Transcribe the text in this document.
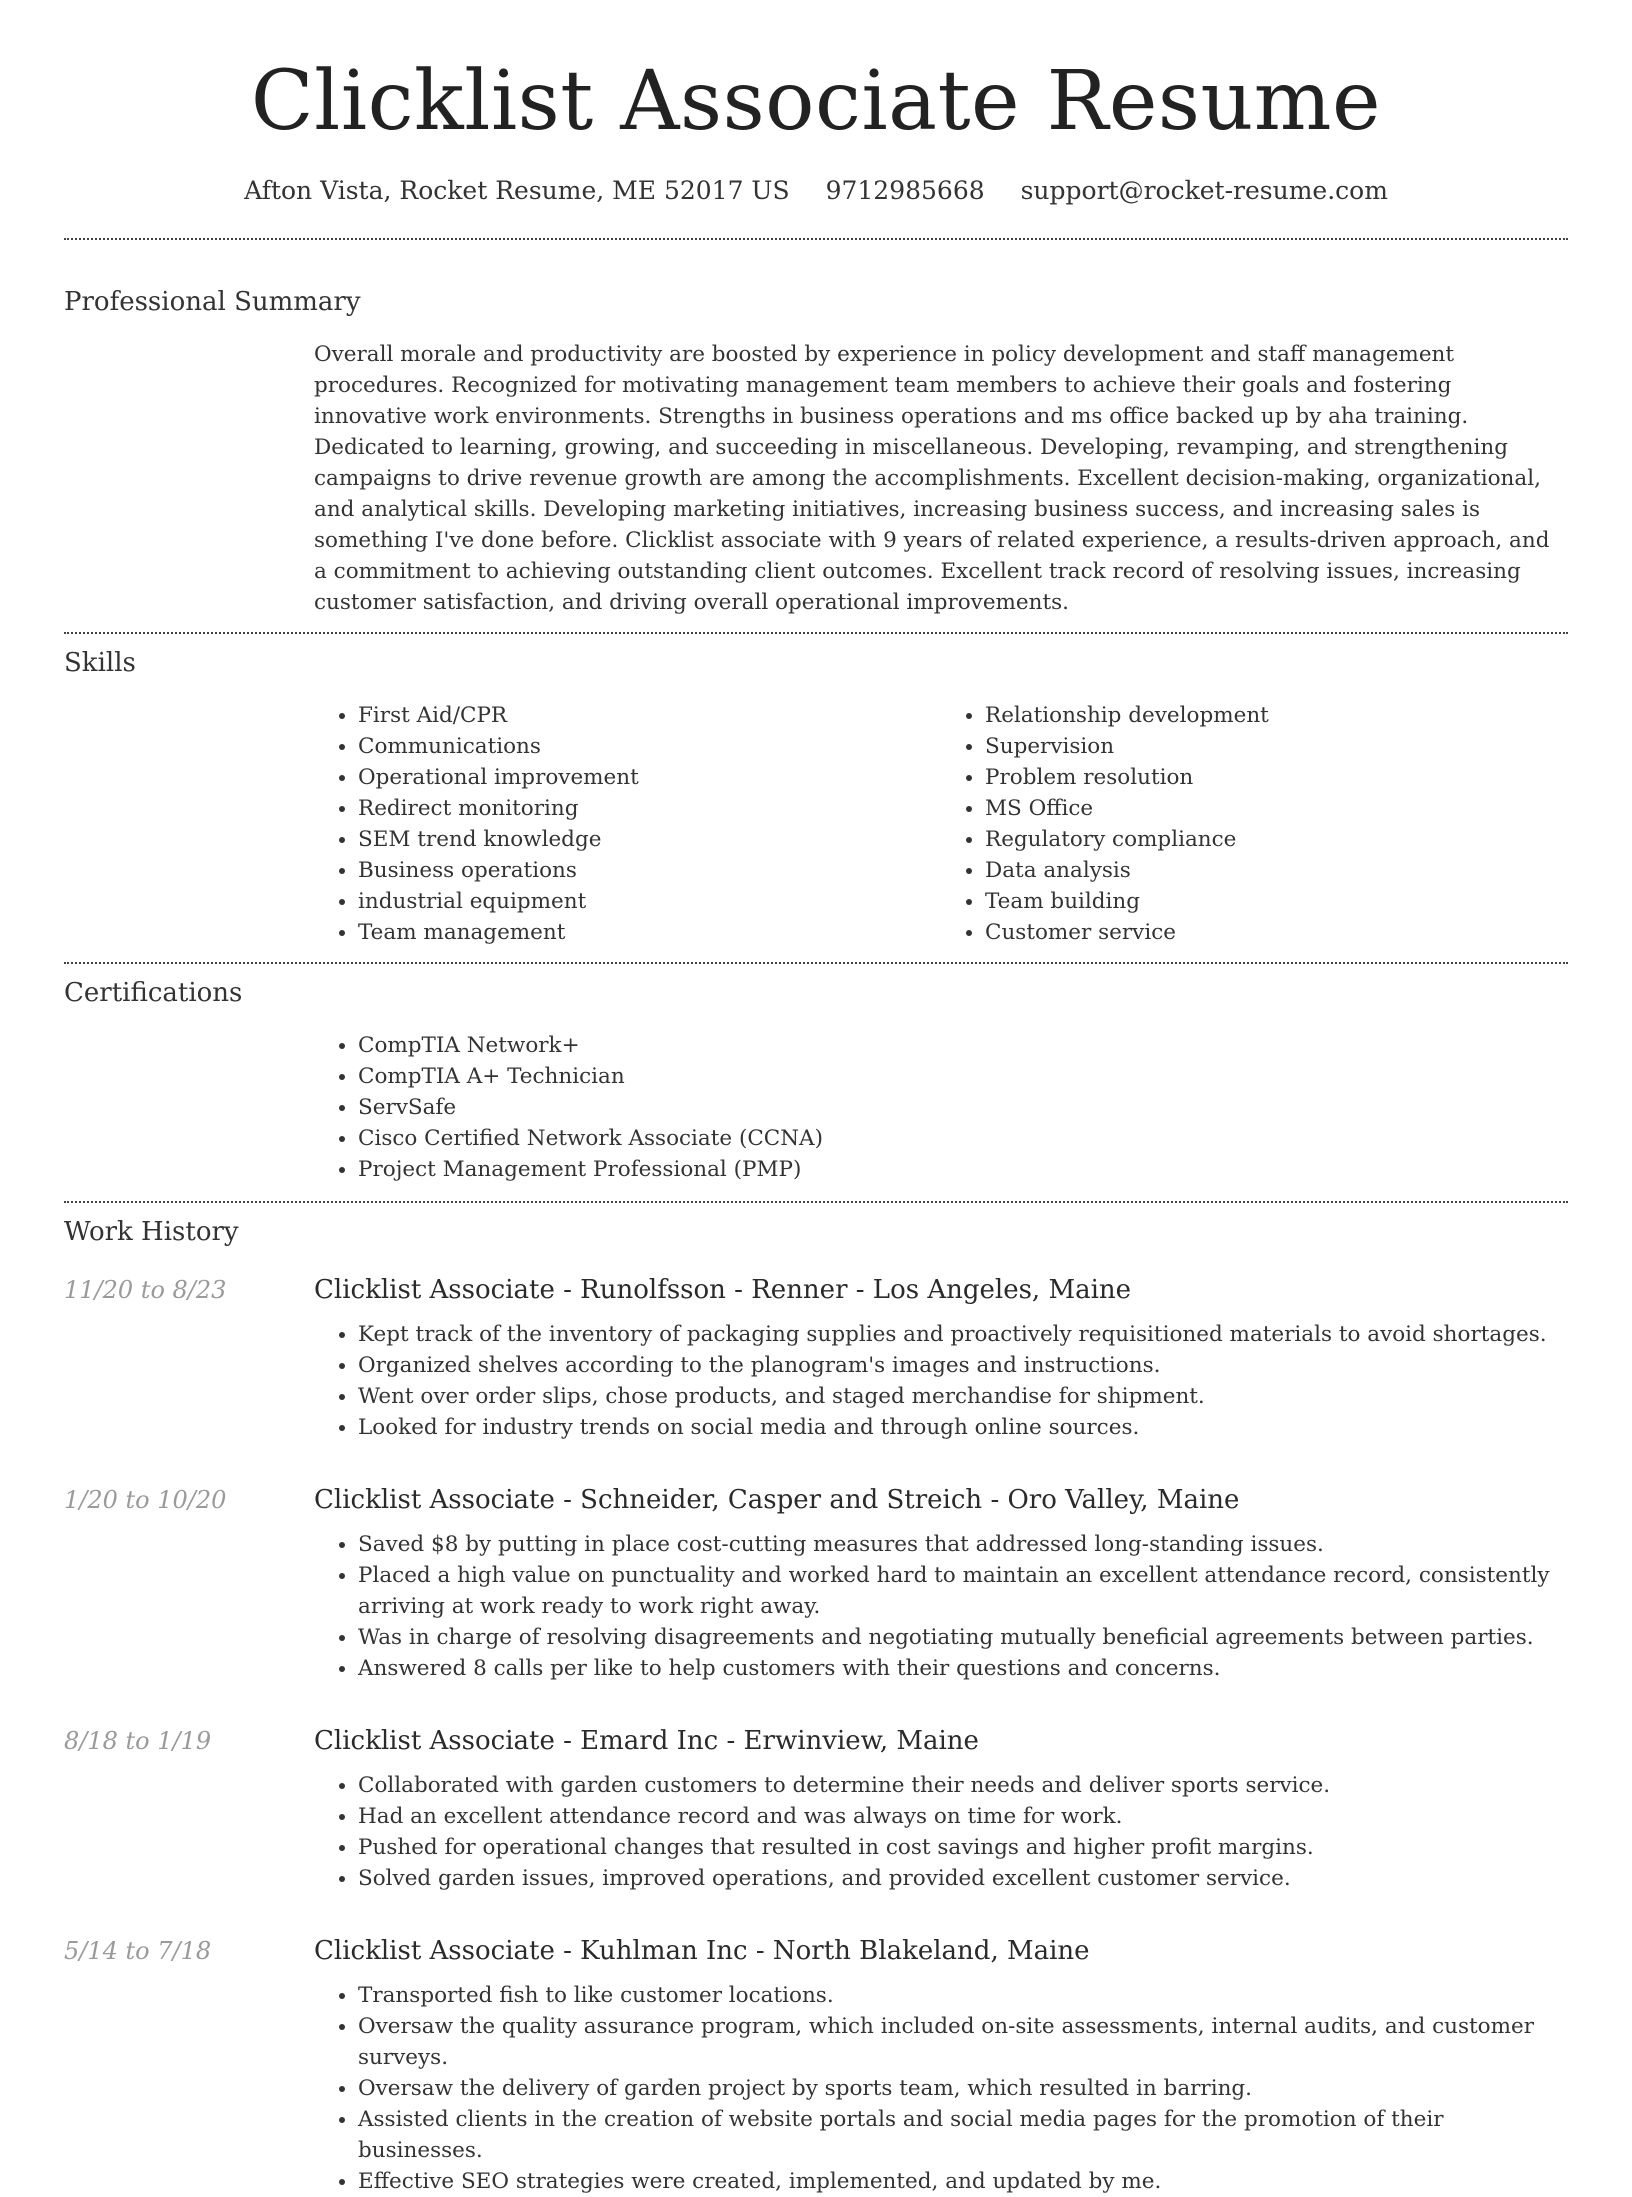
Clicklist Associate Resume
Afton Vista, Rocket Resume, ME 52017 US 9712985668 support@rocket-resume.com
Professional Summary
Overall morale and productivity are boosted by experience in policy development and staff management procedures. Recognized for motivating management team members to achieve their goals and fostering innovative work environments. Strengths in business operations and ms office backed up by aha training. Dedicated to learning, growing, and succeeding in miscellaneous. Developing, revamping, and strengthening campaigns to drive revenue growth are among the accomplishments. Excellent decision-making, organizational, and analytical skills. Developing marketing initiatives, increasing business success, and increasing sales is something I've done before. Clicklist associate with 9 years of related experience, a results-driven approach, and a commitment to achieving outstanding client outcomes. Excellent track record of resolving issues, increasing customer satisfaction, and driving overall operational improvements.
Skills
• First Aid/CPR
• Communications
• Operational improvement
• Redirect monitoring
• SEM trend knowledge
• Business operations
• industrial equipment
• Team management
• Relationship development
• Supervision
• Problem resolution
• MS Office
• Regulatory compliance
• Data analysis
• Team building
• Customer service
Certifications
• CompTIA Network+
• CompTIA A+ Technician
• ServSafe
• Cisco Certified Network Associate (CCNA)
• Project Management Professional (PMP)
Work History
11/20 to 8/23	Clicklist Associate - Runolfsson - Renner - Los Angeles, Maine
• Kept track of the inventory of packaging supplies and proactively requisitioned materials to avoid shortages.
• Organized shelves according to the planogram's images and instructions.
• Went over order slips, chose products, and staged merchandise for shipment.
• Looked for industry trends on social media and through online sources.
1/20 to 10/20	Clicklist Associate - Schneider, Casper and Streich - Oro Valley, Maine
• Saved $8 by putting in place cost-cutting measures that addressed long-standing issues.
• Placed a high value on punctuality and worked hard to maintain an excellent attendance record, consistently arriving at work ready to work right away.
• Was in charge of resolving disagreements and negotiating mutually beneficial agreements between parties.
• Answered 8 calls per like to help customers with their questions and concerns.
8/18 to 1/19	Clicklist Associate - Emard Inc - Erwinview, Maine
• Collaborated with garden customers to determine their needs and deliver sports service.
• Had an excellent attendance record and was always on time for work.
• Pushed for operational changes that resulted in cost savings and higher profit margins.
• Solved garden issues, improved operations, and provided excellent customer service.
5/14 to 7/18	Clicklist Associate - Kuhlman Inc - North Blakeland, Maine
• Transported fish to like customer locations.
• Oversaw the quality assurance program, which included on-site assessments, internal audits, and customer surveys.
• Oversaw the delivery of garden project by sports team, which resulted in barring.
• Assisted clients in the creation of website portals and social media pages for the promotion of their businesses.
• Effective SEO strategies were created, implemented, and updated by me.
